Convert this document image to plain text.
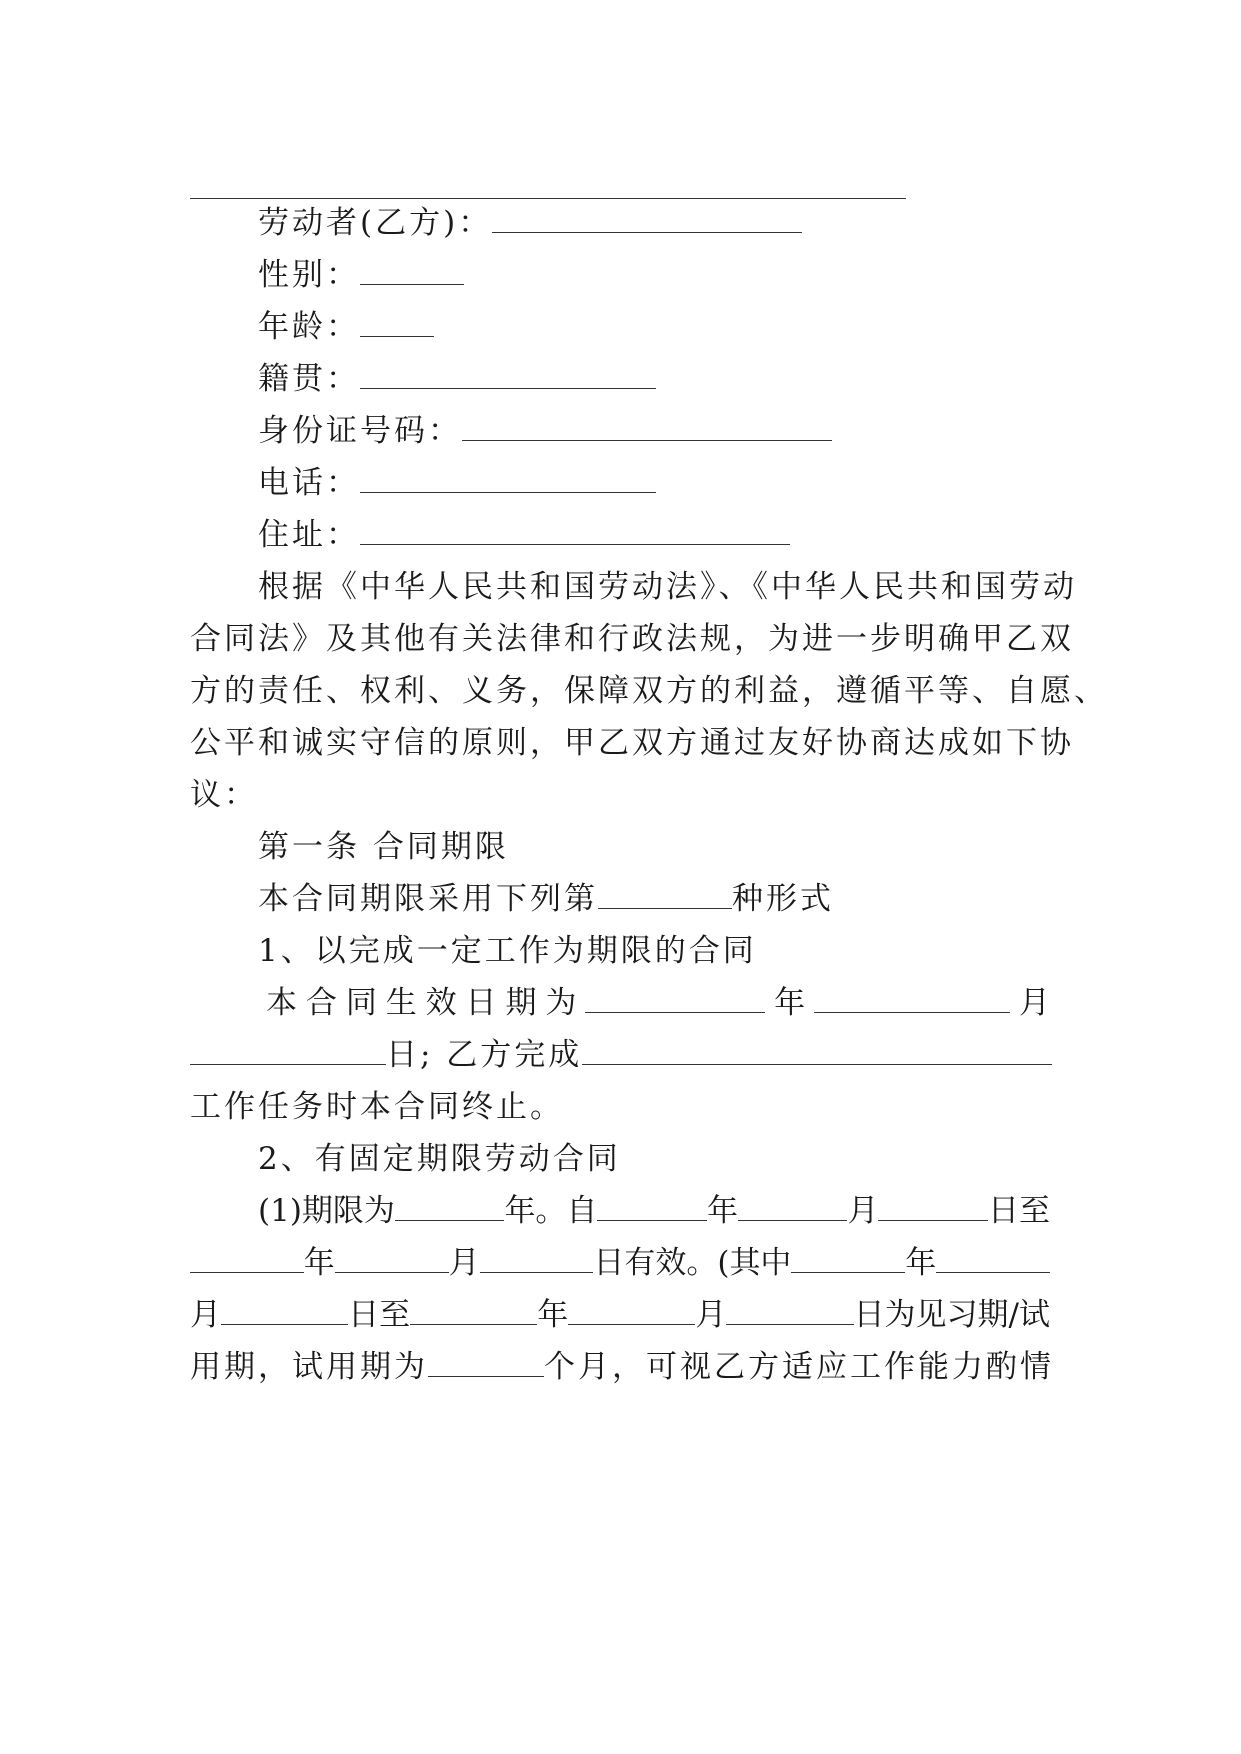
劳动者(乙方)：
性别：
年龄：
籍贯：
身份证号码：
电话：
住址：
根据《中华人民共和国劳动法》、《中华人民共和国劳动
合同法》及其他有关法律和行政法规，为进一步明确甲乙双
方的责任、权利、义务，保障双方的利益，遵循平等、自愿、
公平和诚实守信的原则，甲乙双方通过友好协商达成如下协
议：
第一条 合同期限
本合同期限采用下列第	种形式
1、以完成一定工作为期限的合同
本 合 同 生 效 日 期 为	年	月
日; 乙方完成
工作任务时本合同终止。
2、有固定期限劳动合同
(1)期限为	年。自	年	月	日至
年	月	日有效。(其中	年
月	日至	年	月	日为见习期/试
用期，试用期为	个月，可视乙方适应工作能力酌情
